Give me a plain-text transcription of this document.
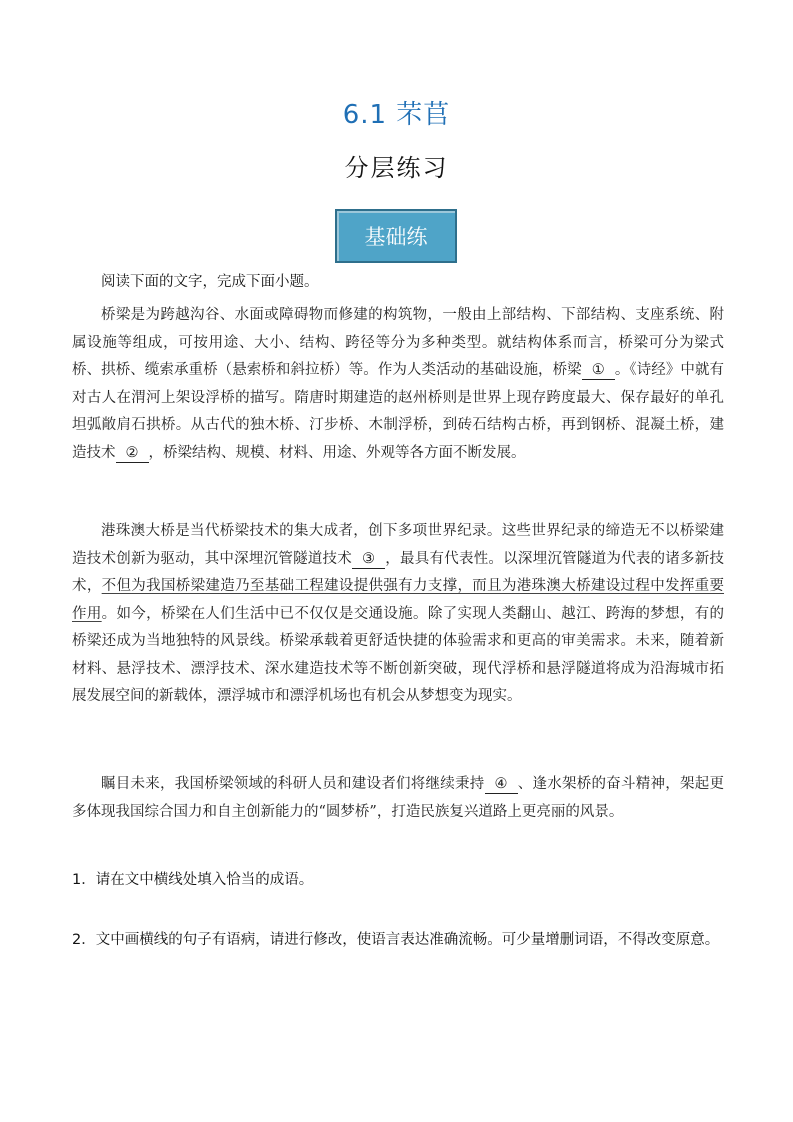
6.1 芣苢
分层练习
基础练
阅读下面的文字，完成下面小题。
桥梁是为跨越沟谷、水面或障碍物而修建的构筑物，一般由上部结构、下部结构、支座系统、附属设施等组成，可按用途、大小、结构、跨径等分为多种类型。就结构体系而言，桥梁可分为梁式桥、拱桥、缆索承重桥（悬索桥和斜拉桥）等。作为人类活动的基础设施，桥梁 ① 。《诗经》中就有对古人在渭河上架设浮桥的描写。隋唐时期建造的赵州桥则是世界上现存跨度最大、保存最好的单孔坦弧敞肩石拱桥。从古代的独木桥、汀步桥、木制浮桥，到砖石结构古桥，再到钢桥、混凝土桥，建造技术 ② ，桥梁结构、规模、材料、用途、外观等各方面不断发展。
港珠澳大桥是当代桥梁技术的集大成者，创下多项世界纪录。这些世界纪录的缔造无不以桥梁建造技术创新为驱动，其中深埋沉管隧道技术 ③ ，最具有代表性。以深埋沉管隧道为代表的诸多新技术，不但为我国桥梁建造乃至基础工程建设提供强有力支撑，而且为港珠澳大桥建设过程中发挥重要作用。如今，桥梁在人们生活中已不仅仅是交通设施。除了实现人类翻山、越江、跨海的梦想，有的桥梁还成为当地独特的风景线。桥梁承载着更舒适快捷的体验需求和更高的审美需求。未来，随着新材料、悬浮技术、漂浮技术、深水建造技术等不断创新突破，现代浮桥和悬浮隧道将成为沿海城市拓展发展空间的新载体，漂浮城市和漂浮机场也有机会从梦想变为现实。
瞩目未来，我国桥梁领域的科研人员和建设者们将继续秉持 ④ 、逢水架桥的奋斗精神，架起更多体现我国综合国力和自主创新能力的“圆梦桥”，打造民族复兴道路上更亮丽的风景。
1．请在文中横线处填入恰当的成语。
2．文中画横线的句子有语病，请进行修改，使语言表达准确流畅。可少量增删词语，不得改变原意。
